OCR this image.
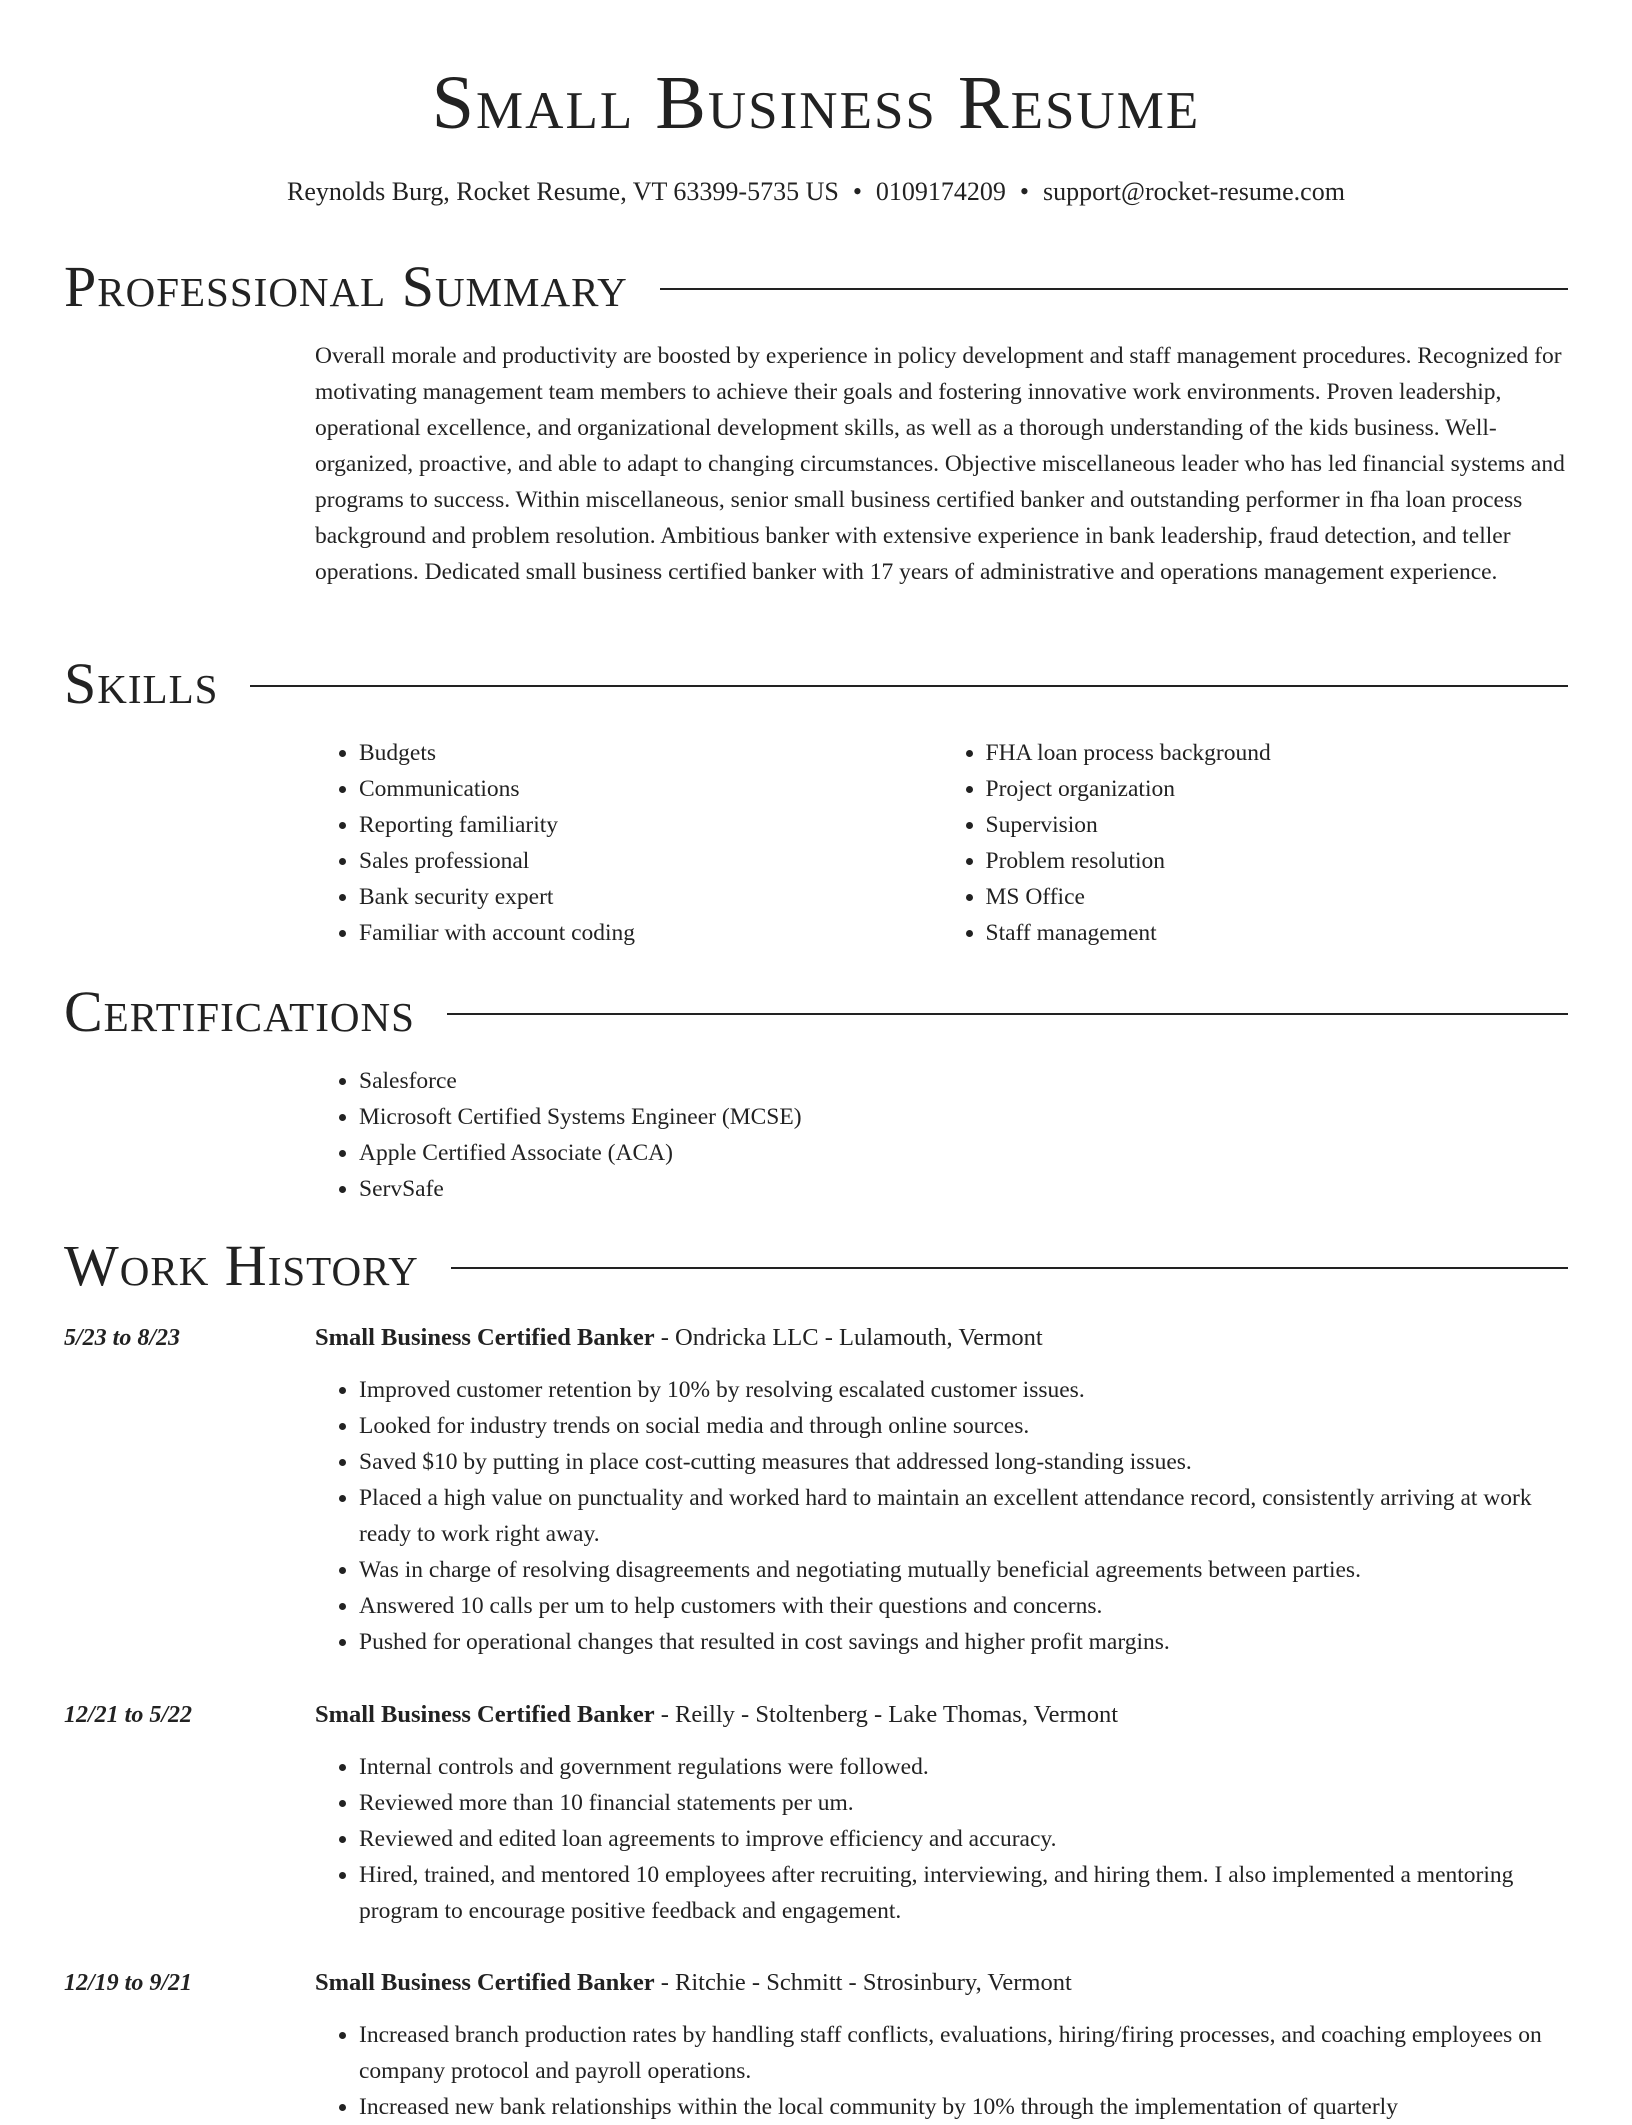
Small Business Resume
Reynolds Burg, Rocket Resume, VT 63399-5735 US • 0109174209 • support@rocket-resume.com
Professional Summary

Overall morale and productivity are boosted by experience in policy development and staff management procedures. Recognized for motivating management team members to achieve their goals and fostering innovative work environments. Proven leadership, operational excellence, and organizational development skills, as well as a thorough understanding of the kids business. Well-organized, proactive, and able to adapt to changing circumstances. Objective miscellaneous leader who has led financial systems and programs to success. Within miscellaneous, senior small business certified banker and outstanding performer in fha loan process background and problem resolution. Ambitious banker with extensive experience in bank leadership, fraud detection, and teller operations. Dedicated small business certified banker with 17 years of administrative and operations management experience.

Skills
• Budgets
• Communications
• Reporting familiarity
• Sales professional
• Bank security expert
• Familiar with account coding
• FHA loan process background
• Project organization
• Supervision
• Problem resolution
• MS Office
• Staff management
Certifications
• Salesforce
• Microsoft Certified Systems Engineer (MCSE)
• Apple Certified Associate (ACA)
• ServSafe
Work History
5/23 to 8/23	Small Business Certified Banker - Ondricka LLC - Lulamouth, Vermont
• Improved customer retention by 10% by resolving escalated customer issues.
• Looked for industry trends on social media and through online sources.
• Saved $10 by putting in place cost-cutting measures that addressed long-standing issues.
• Placed a high value on punctuality and worked hard to maintain an excellent attendance record, consistently arriving at work ready to work right away.
• Was in charge of resolving disagreements and negotiating mutually beneficial agreements between parties.
• Answered 10 calls per um to help customers with their questions and concerns.
• Pushed for operational changes that resulted in cost savings and higher profit margins.
12/21 to 5/22	Small Business Certified Banker - Reilly - Stoltenberg - Lake Thomas, Vermont
• Internal controls and government regulations were followed.
• Reviewed more than 10 financial statements per um.
• Reviewed and edited loan agreements to improve efficiency and accuracy.
• Hired, trained, and mentored 10 employees after recruiting, interviewing, and hiring them. I also implemented a mentoring program to encourage positive feedback and engagement.
12/19 to 9/21	Small Business Certified Banker - Ritchie - Schmitt - Strosinbury, Vermont
• Increased branch production rates by handling staff conflicts, evaluations, hiring/firing processes, and coaching employees on company protocol and payroll operations.
• Increased new bank relationships within the local community by 10% through the implementation of quarterly
